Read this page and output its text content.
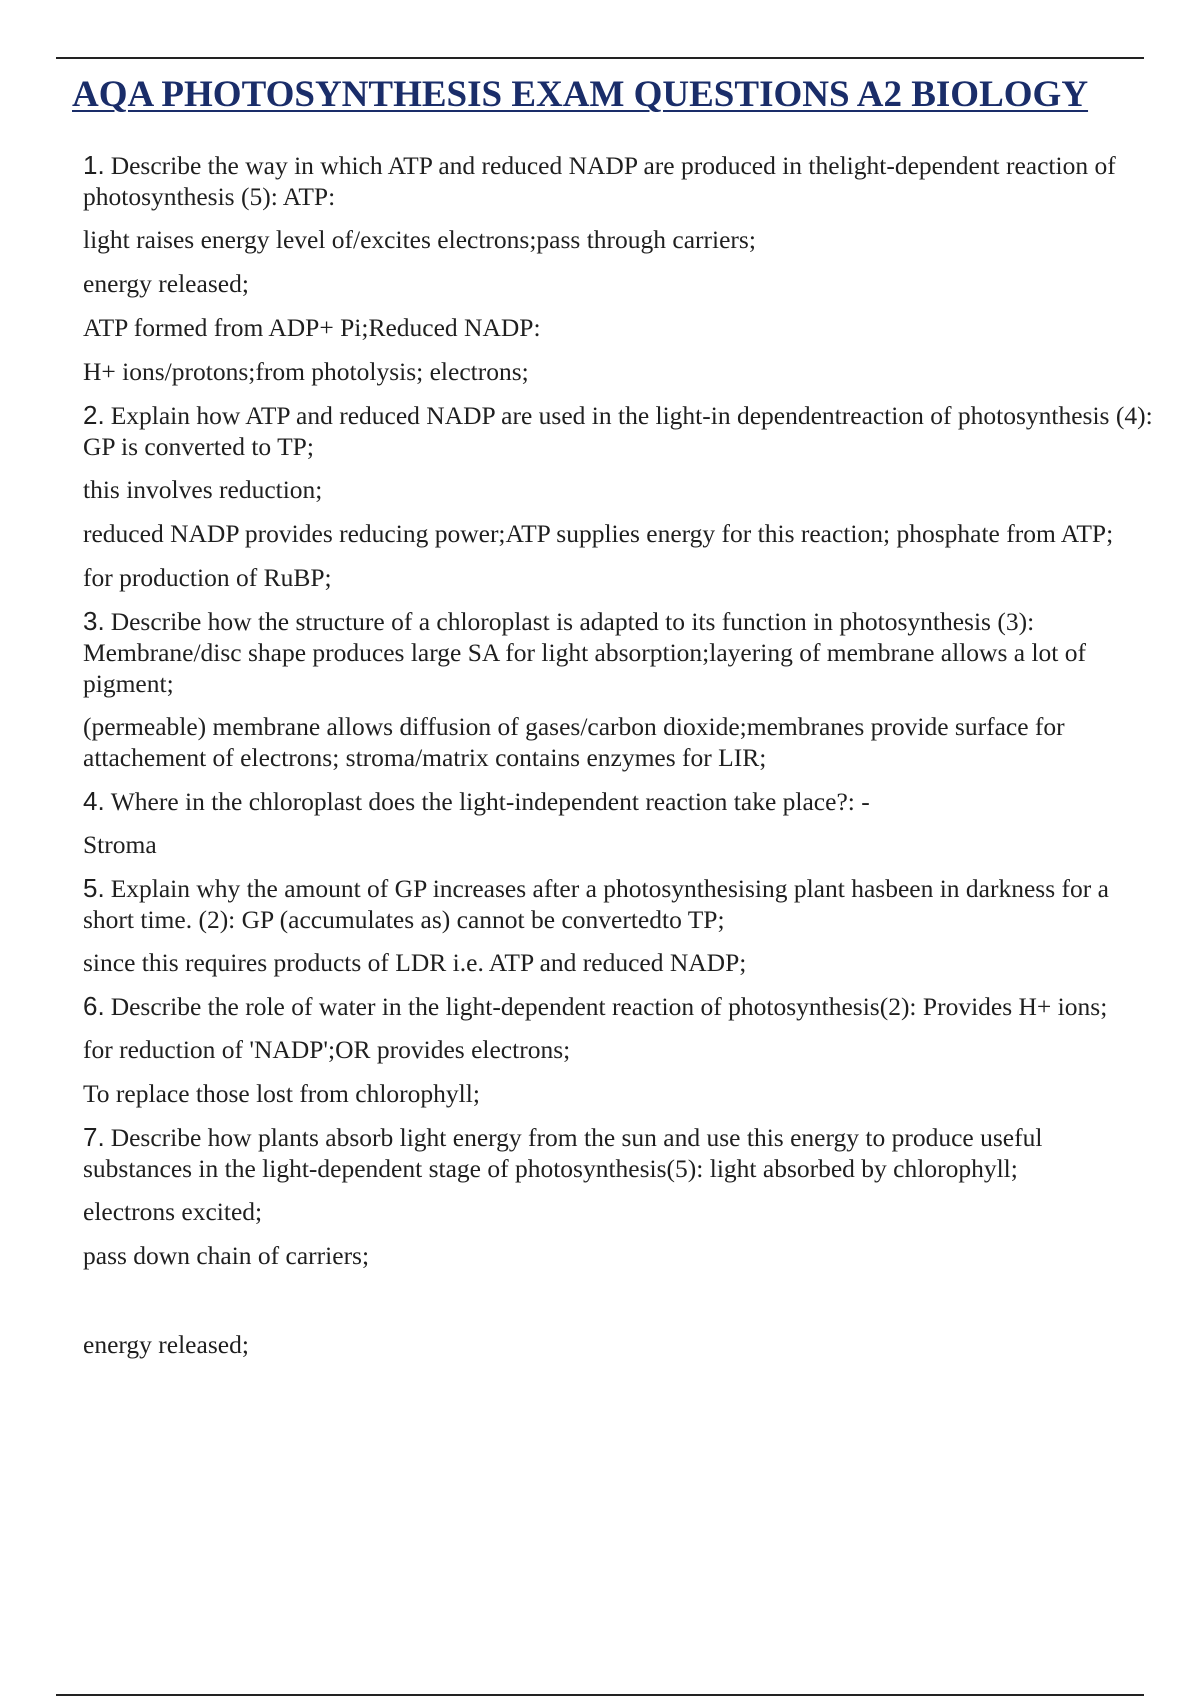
AQA PHOTOSYNTHESIS EXAM QUESTIONS A2 BIOLOGY

1. Describe the way in which ATP and reduced NADP are produced in thelight-dependent reaction of photosynthesis (5): ATP:

light raises energy level of/excites electrons;pass through carriers;

energy released;

ATP formed from ADP+ Pi;Reduced NADP:

H+ ions/protons;from photolysis; electrons;

2. Explain how ATP and reduced NADP are used in the light-in dependentreaction of photosynthesis (4): GP is converted to TP;

this involves reduction;

reduced NADP provides reducing power;ATP supplies energy for this reaction; phosphate from ATP;

for production of RuBP;

3. Describe how the structure of a chloroplast is adapted to its function in photosynthesis (3): Membrane/disc shape produces large SA for light absorption;layering of membrane allows a lot of pigment;

(permeable) membrane allows diffusion of gases/carbon dioxide;membranes provide surface for attachement of electrons; stroma/matrix contains enzymes for LIR;

4. Where in the chloroplast does the light-independent reaction take place?: -

Stroma

5. Explain why the amount of GP increases after a photosynthesising plant hasbeen in darkness for a short time. (2): GP (accumulates as) cannot be convertedto TP;

since this requires products of LDR i.e. ATP and reduced NADP;

6. Describe the role of water in the light-dependent reaction of photosynthesis(2): Provides H+ ions;

for reduction of 'NADP';OR provides electrons;

To replace those lost from chlorophyll;

7. Describe how plants absorb light energy from the sun and use this energy to produce useful substances in the light-dependent stage of photosynthesis(5): light absorbed by chlorophyll;

electrons excited;

pass down chain of carriers;

energy released;
